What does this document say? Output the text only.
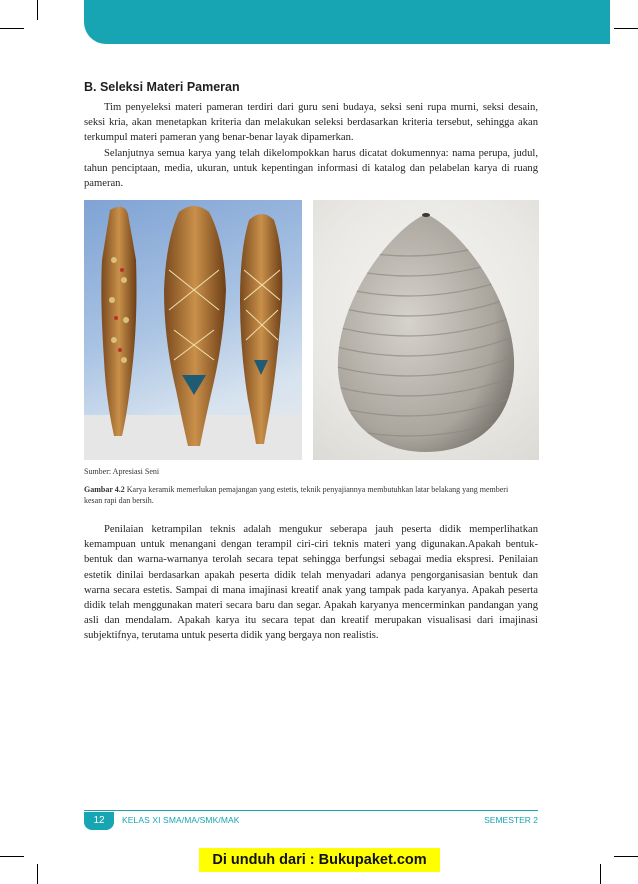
B. Seleksi Materi Pameran

Tim penyeleksi materi pameran terdiri dari guru seni budaya, seksi seni rupa murni, seksi desain, seksi kria, akan menetapkan kriteria dan melakukan seleksi berdasarkan kriteria tersebut, sehingga akan terkumpul materi pameran yang benar-benar layak dipamerkan.

Selanjutnya semua karya yang telah dikelompokkan harus dicatat dokumennya: nama perupa, judul, tahun penciptaan, media, ukuran, untuk kepentingan informasi di katalog dan pelabelan karya di ruang pameran.

Sumber: Apresiasi Seni
Gambar 4.2 Karya keramik memerlukan pemajangan yang estetis, teknik penyajiannya membutuhkan latar belakang yang memberi kesan rapi dan bersih.

Penilaian ketrampilan teknis adalah mengukur seberapa jauh peserta didik memperlihatkan kemampuan untuk menangani dengan terampil ciri-ciri teknis materi yang digunakan.Apakah bentuk-bentuk dan warna-warnanya terolah secara tepat sehingga berfungsi sebagai media ekspresi. Penilaian estetik dinilai berdasarkan apakah peserta didik telah menyadari adanya pengorganisasian bentuk dan warna secara estetis. Sampai di mana imajinasi kreatif anak yang tampak pada karyanya. Apakah peserta didik telah menggunakan materi secara baru dan segar. Apakah karyanya mencerminkan pandangan yang asli dan mendalam. Apakah karya itu secara tepat dan kreatif merupakan visualisasi dari imajinasi subjektifnya, terutama untuk peserta didik yang bergaya non realistis.

12	KELAS XI SMA/MA/SMK/MAK	SEMESTER 2
Di unduh dari : Bukupaket.com
